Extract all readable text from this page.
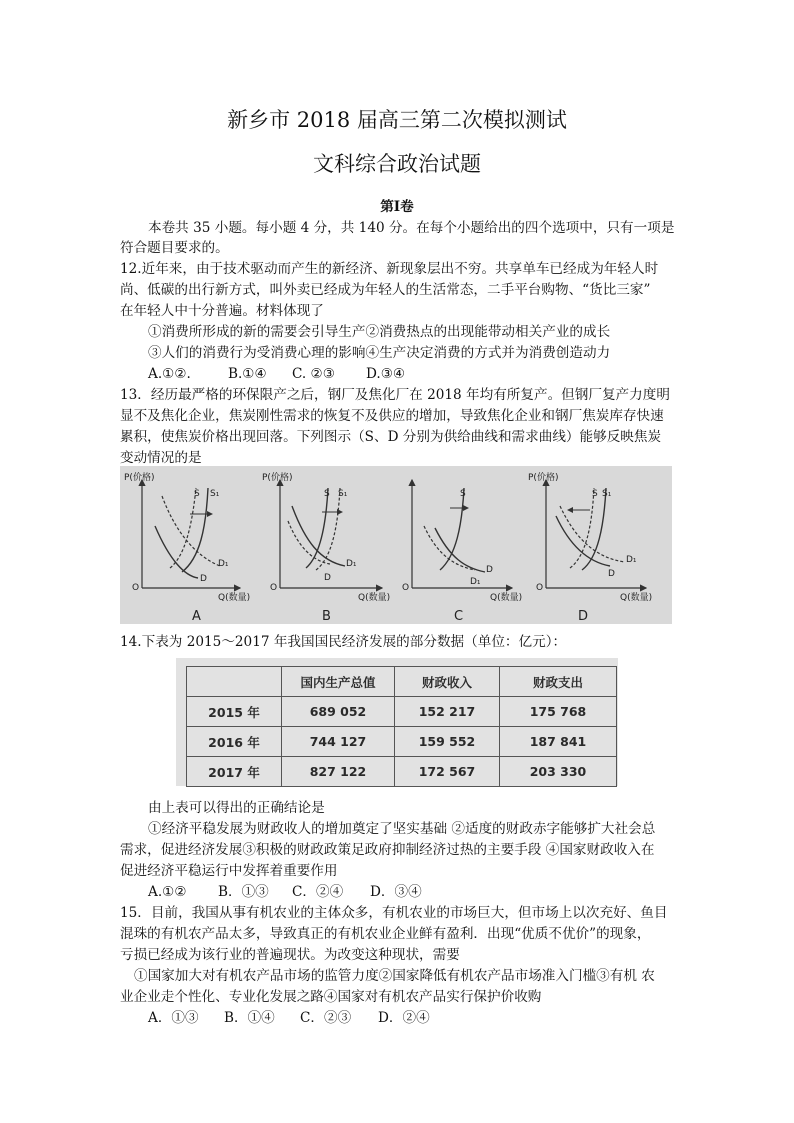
新乡市 2018 届高三第二次模拟测试
文科综合政治试题
第Ⅰ卷
本卷共 35 小题。每小题 4 分，共 140 分。在每个小题给出的四个选项中，只有一项是
符合题目要求的。
12.近年来，由于技术驱动而产生的新经济、新现象层出不穷。共享单车已经成为年轻人时
尚、低碳的出行新方式，叫外卖已经成为年轻人的生活常态，二手平台购物、“货比三家”
在年轻人中十分普遍。材料体现了
①消费所形成的新的需要会引导生产②消费热点的出现能带动相关产业的成长
③人们的消费行为受消费心理的影响④生产决定消费的方式并为消费创造动力
A.①②.	B.①④ C. ②③ D.③④
13．经历最严格的环保限产之后，钢厂及焦化厂在 2018 年均有所复产。但钢厂复产力度明
显不及焦化企业，焦炭刚性需求的恢复不及供应的增加，导致焦化企业和钢厂焦炭库存快速
累积，使焦炭价格出现回落。下列图示（S、D 分别为供给曲线和需求曲线）能够反映焦炭
变动情况的是
P(价格)
Q(数量)
O
S S₁
D
D₁
A
P(价格)
Q(数量)
O
S S₁
D
D₁
B
O
Q(数量)
S
D
D₁
C
P(价格)
Q(数量)
O
S S₁
D
D₁
D
14.下表为 2015～2017 年我国国民经济发展的部分数据（单位：亿元）：
	国内生产总值	财政收入	财政支出
2015 年	689 052	152 217	175 768
2016 年	744 127	159 552	187 841
2017 年	827 122	172 567	203 330
由上表可以得出的正确结论是
①经济平稳发展为财政收人的增加奠定了坚实基础 ②适度的财政赤字能够扩大社会总
需求，促进经济发展③积极的财政政策足政府抑制经济过热的主要手段 ④国家财政收入在
促进经济平稳运行中发挥着重要作用
A.①② B．①③ C．②④ D．③④
15．目前，我国从事有机农业的主体众多，有机农业的市场巨大，但市场上以次充好、鱼目
混珠的有机农产品太多，导致真正的有机农业企业鲜有盈利．出现“优质不优价”的现象，
亏损已经成为该行业的普遍现状。为改变这种现状，需要
①国家加大对有机农产品市场的监管力度②国家降低有机农产品市场准入门槛③有机 农
业企业走个性化、专业化发展之路④国家对有机农产品实行保护价收购
A．①③ B．①④ C．②③ D．②④
